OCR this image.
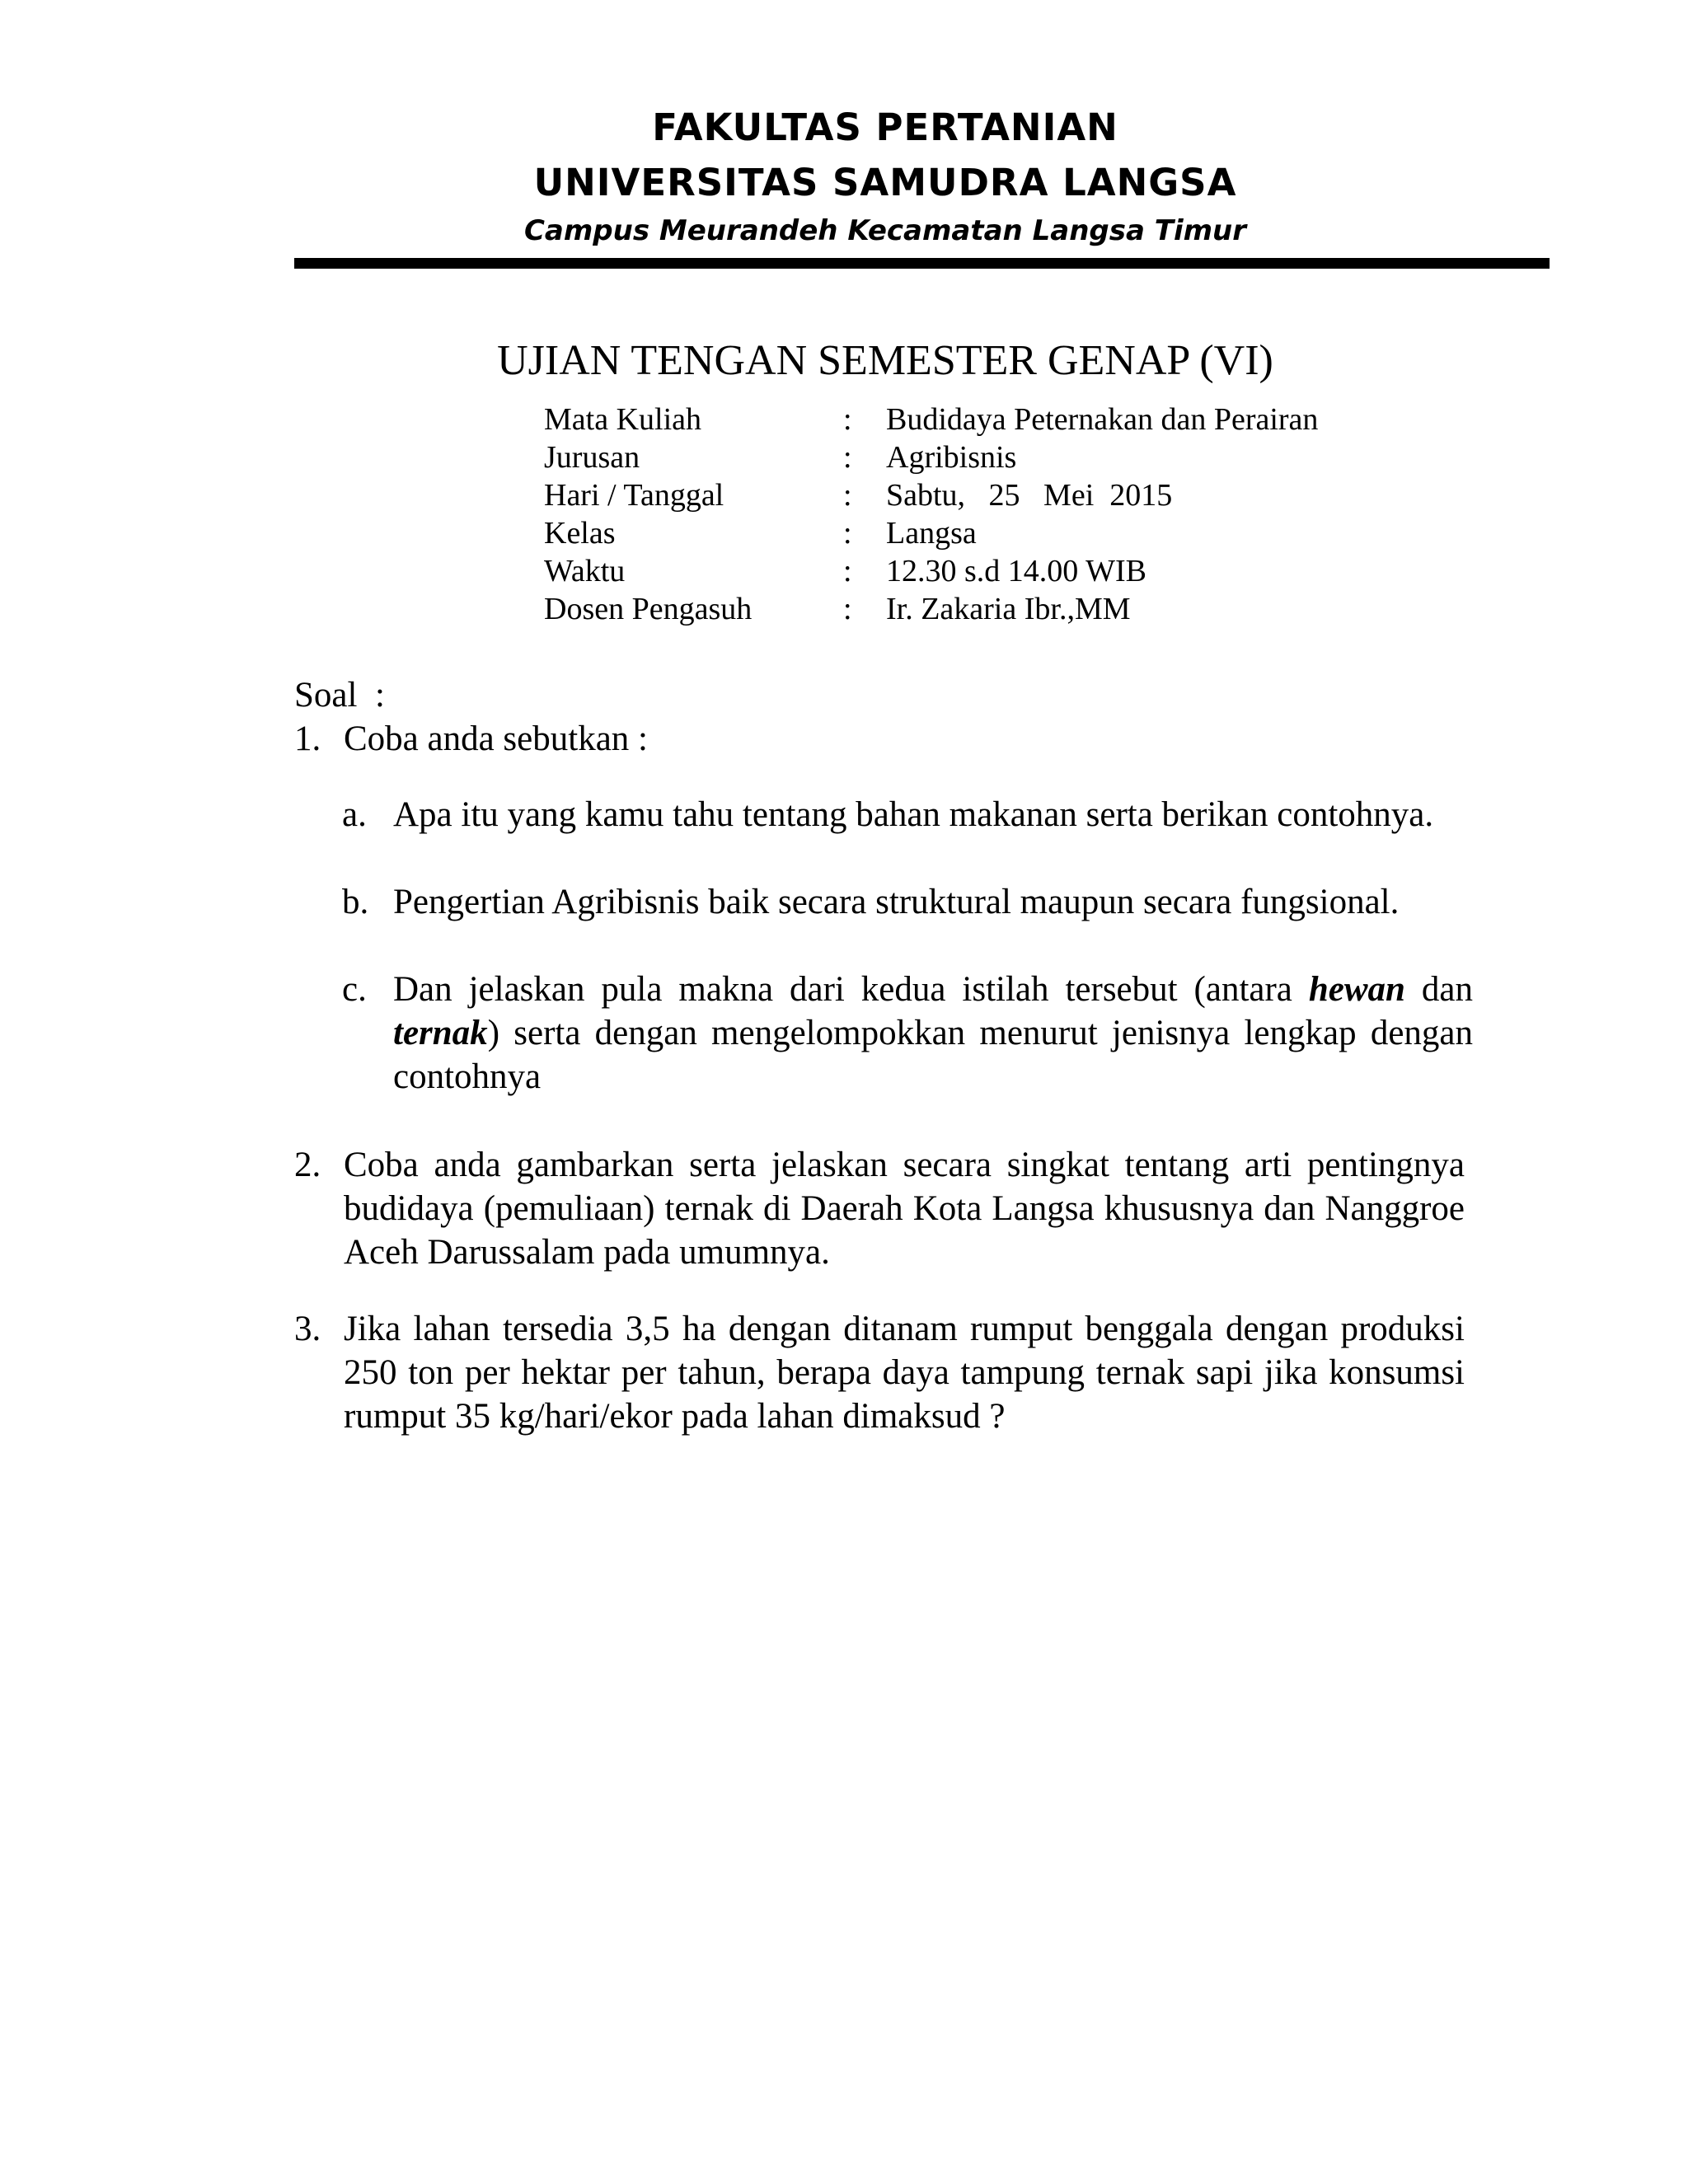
FAKULTAS PERTANIAN
UNIVERSITAS SAMUDRA LANGSA
Campus Meurandeh Kecamatan Langsa Timur
UJIAN TENGAN SEMESTER GENAP (VI)
Mata Kuliah	: Budidaya Peternakan dan Perairan
Jurusan	: Agribisnis
Hari / Tanggal	: Sabtu,   25   Mei  2015
Kelas	: Langsa
Waktu	: 12.30 s.d 14.00 WIB
Dosen Pengasuh	: Ir. Zakaria Ibr.,MM
Soal  :
1. Coba anda sebutkan :
a. Apa itu yang kamu tahu tentang bahan makanan serta berikan contohnya.
b. Pengertian Agribisnis baik secara struktural maupun secara fungsional.
c. Dan jelaskan pula makna dari kedua istilah tersebut (antara hewan dan ternak) serta dengan mengelompokkan menurut jenisnya lengkap dengan contohnya
2. Coba anda gambarkan serta jelaskan secara singkat tentang arti pentingnya budidaya (pemuliaan) ternak di Daerah Kota Langsa khususnya dan Nanggroe Aceh Darussalam pada umumnya.
3. Jika lahan tersedia 3,5 ha dengan ditanam rumput benggala dengan produksi 250 ton per hektar per tahun, berapa daya tampung ternak sapi jika konsumsi rumput 35 kg/hari/ekor pada lahan dimaksud ?
